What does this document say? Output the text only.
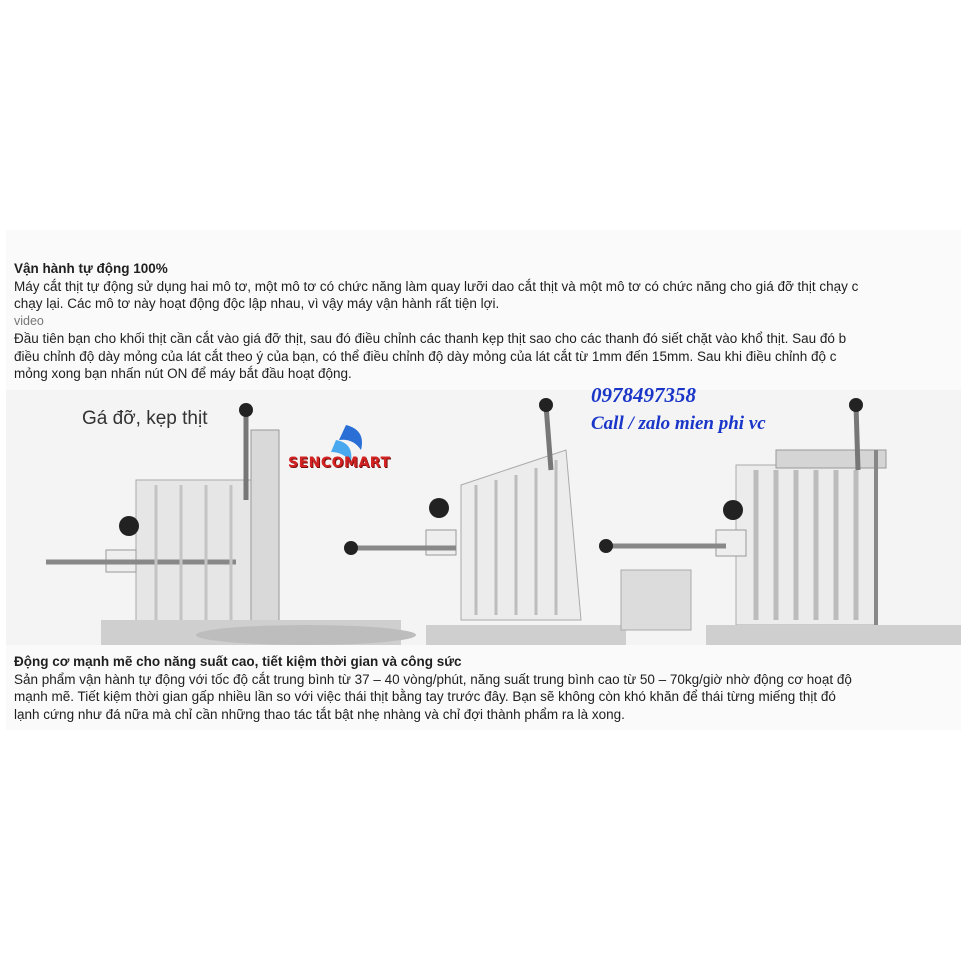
Vận hành tự động 100%
Máy cắt thịt tự động sử dụng hai mô tơ, một mô tơ có chức năng làm quay lưỡi dao cắt thịt và một mô tơ có chức năng cho giá đỡ thịt chạy c
chạy lại. Các mô tơ này hoạt động độc lập nhau, vì vậy máy vận hành rất tiện lợi.
video
Đầu tiên bạn cho khối thịt cần cắt vào giá đỡ thịt, sau đó điều chỉnh các thanh kẹp thịt sao cho các thanh đó siết chặt vào khổ thịt. Sau đó b
điều chỉnh độ dày mỏng của lát cắt theo ý của bạn, có thể điều chỉnh độ dày mỏng của lát cắt từ 1mm đến 15mm. Sau khi điều chỉnh độ c
mỏng xong bạn nhấn nút ON để máy bắt đầu hoạt động.
Gá đỡ, kẹp thịt
0978497358
Call / zalo mien phi vc
SENCOMART
Động cơ mạnh mẽ cho năng suất cao, tiết kiệm thời gian và công sức
Sản phẩm vận hành tự động với tốc độ cắt trung bình từ 37 – 40 vòng/phút, năng suất trung bình cao từ 50 – 70kg/giờ nhờ động cơ hoạt độ
mạnh mẽ. Tiết kiệm thời gian gấp nhiều lần so với việc thái thịt bằng tay trước đây. Bạn sẽ không còn khó khăn để thái từng miếng thịt đó
lạnh cứng như đá nữa mà chỉ cần những thao tác tắt bật nhẹ nhàng và chỉ đợi thành phẩm ra là xong.
